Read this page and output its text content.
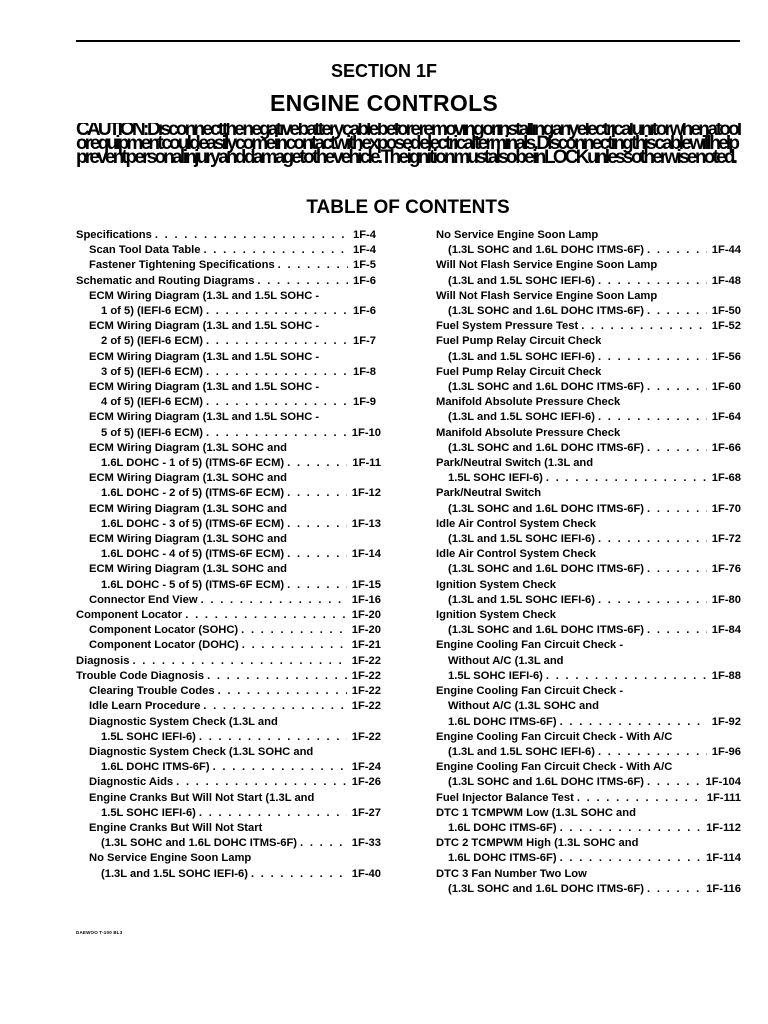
SECTION 1F
ENGINE CONTROLS
CAUTION: Disconnect the negative battery cable before removing or installing any electrical unit or when a tool or equipment could easily come in contact with exposed electrical terminals. Disconnecting this cable will help prevent personal injury and damage to the vehicle. The ignition must also be in LOCK unless otherwise noted.
TABLE OF CONTENTS
Specifications . . .	1F-4
Scan Tool Data Table . . .	1F-4
Fastener Tightening Specifications . . .	1F-5
Schematic and Routing Diagrams . . .	1F-6
ECM Wiring Diagram (1.3L and 1.5L SOHC -
1 of 5) (IEFI-6 ECM) . . .	1F-6
ECM Wiring Diagram (1.3L and 1.5L SOHC -
2 of 5) (IEFI-6 ECM) . . .	1F-7
ECM Wiring Diagram (1.3L and 1.5L SOHC -
3 of 5) (IEFI-6 ECM) . . .	1F-8
ECM Wiring Diagram (1.3L and 1.5L SOHC -
4 of 5) (IEFI-6 ECM) . . .	1F-9
ECM Wiring Diagram (1.3L and 1.5L SOHC -
5 of 5) (IEFI-6 ECM) . . .	1F-10
ECM Wiring Diagram (1.3L SOHC and
1.6L DOHC - 1 of 5) (ITMS-6F ECM) . . .	1F-11
ECM Wiring Diagram (1.3L SOHC and
1.6L DOHC - 2 of 5) (ITMS-6F ECM) . . .	1F-12
ECM Wiring Diagram (1.3L SOHC and
1.6L DOHC - 3 of 5) (ITMS-6F ECM) . . .	1F-13
ECM Wiring Diagram (1.3L SOHC and
1.6L DOHC - 4 of 5) (ITMS-6F ECM) . . .	1F-14
ECM Wiring Diagram (1.3L SOHC and
1.6L DOHC - 5 of 5) (ITMS-6F ECM) . . .	1F-15
Connector End View . . .	1F-16
Component Locator . . .	1F-20
Component Locator (SOHC) . . .	1F-20
Component Locator (DOHC) . . .	1F-21
Diagnosis . . .	1F-22
Trouble Code Diagnosis . . .	1F-22
Clearing Trouble Codes . . .	1F-22
Idle Learn Procedure . . .	1F-22
Diagnostic System Check (1.3L and
1.5L SOHC IEFI-6) . . .	1F-22
Diagnostic System Check (1.3L SOHC and
1.6L DOHC ITMS-6F) . . .	1F-24
Diagnostic Aids . . .	1F-26
Engine Cranks But Will Not Start (1.3L and
1.5L SOHC IEFI-6) . . .	1F-27
Engine Cranks But Will Not Start
(1.3L SOHC and 1.6L DOHC ITMS-6F) . . .	1F-33
No Service Engine Soon Lamp
(1.3L and 1.5L SOHC IEFI-6) . . .	1F-40
No Service Engine Soon Lamp
(1.3L SOHC and 1.6L DOHC ITMS-6F) . . .	1F-44
Will Not Flash Service Engine Soon Lamp
(1.3L and 1.5L SOHC IEFI-6) . . .	1F-48
Will Not Flash Service Engine Soon Lamp
(1.3L SOHC and 1.6L DOHC ITMS-6F) . . .	1F-50
Fuel System Pressure Test . . .	1F-52
Fuel Pump Relay Circuit Check
(1.3L and 1.5L SOHC IEFI-6) . . .	1F-56
Fuel Pump Relay Circuit Check
(1.3L SOHC and 1.6L DOHC ITMS-6F) . . .	1F-60
Manifold Absolute Pressure Check
(1.3L and 1.5L SOHC IEFI-6) . . .	1F-64
Manifold Absolute Pressure Check
(1.3L SOHC and 1.6L DOHC ITMS-6F) . . .	1F-66
Park/Neutral Switch (1.3L and
1.5L SOHC IEFI-6) . . .	1F-68
Park/Neutral Switch
(1.3L SOHC and 1.6L DOHC ITMS-6F) . . .	1F-70
Idle Air Control System Check
(1.3L and 1.5L SOHC IEFI-6) . . .	1F-72
Idle Air Control System Check
(1.3L SOHC and 1.6L DOHC ITMS-6F) . . .	1F-76
Ignition System Check
(1.3L and 1.5L SOHC IEFI-6) . . .	1F-80
Ignition System Check
(1.3L SOHC and 1.6L DOHC ITMS-6F) . . .	1F-84
Engine Cooling Fan Circuit Check -
Without A/C (1.3L and
1.5L SOHC IEFI-6) . . .	1F-88
Engine Cooling Fan Circuit Check -
Without A/C (1.3L SOHC and
1.6L DOHC ITMS-6F) . . .	1F-92
Engine Cooling Fan Circuit Check - With A/C
(1.3L and 1.5L SOHC IEFI-6) . . .	1F-96
Engine Cooling Fan Circuit Check - With A/C
(1.3L SOHC and 1.6L DOHC ITMS-6F) . . .	1F-104
Fuel Injector Balance Test . . .	1F-111
DTC 1 TCMPWM Low (1.3L SOHC and
1.6L DOHC ITMS-6F) . . .	1F-112
DTC 2 TCMPWM High (1.3L SOHC and
1.6L DOHC ITMS-6F) . . .	1F-114
DTC 3 Fan Number Two Low
(1.3L SOHC and 1.6L DOHC ITMS-6F) . . .	1F-116
DAEWOO T-100 BL3
